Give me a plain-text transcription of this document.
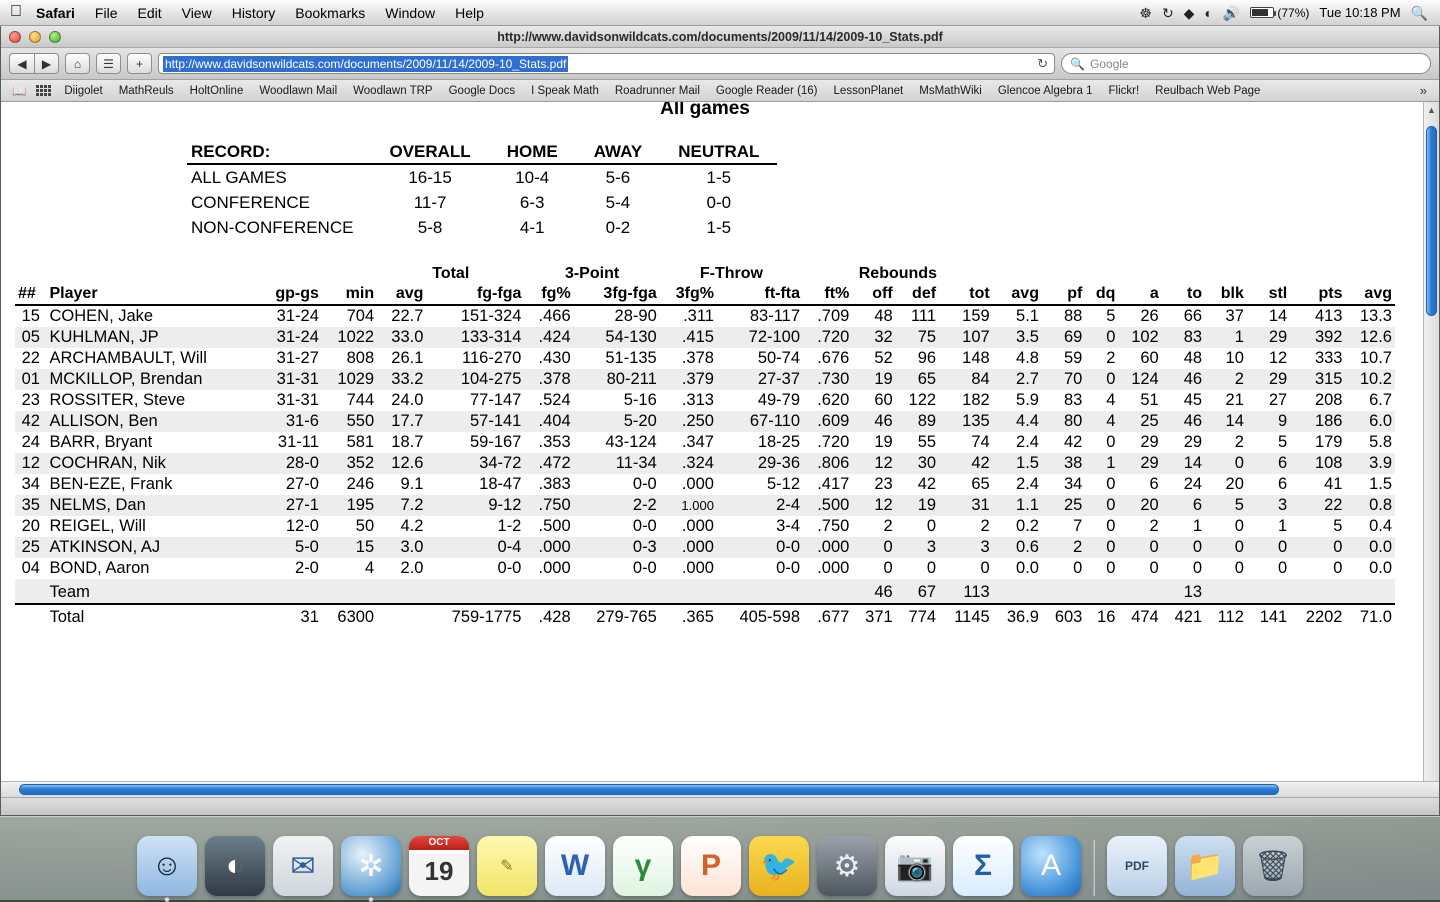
Safari	File	Edit	View	History	Bookmarks	Window	Help	☸ ↻ ◆ ◐ 🔊	(77%) Tue 10:18 PM 🔍
http://www.davidsonwildcats.com/documents/2009/11/14/2009-10_Stats.pdf
◀	▶	⌂	☰	+	http://www.davidsonwildcats.com/documents/2009/11/14/2009-10_Stats.pdf	↻ 🔍 Google
📖	Diigolet	MathReuls	HoltOnline	Woodlawn Mail	Woodlawn TRP	Google Docs	I Speak Math	Roadrunner Mail	Google Reader (16)	LessonPlanet	MsMathWiki	Glencoe Algebra 1	Flickr!	Reulbach Web Page	»
All games
RECORD:	OVERALL	HOME	AWAY	NEUTRAL
ALL GAMES	16-15	10-4	5-6	1-5
CONFERENCE	11-7	6-3	5-4	0-0
NON-CONFERENCE	5-8	4-1	0-2	1-5
				Total		3-Point		F-Throw		Rebounds												
##	Player	gp-gs	min	avg	fg-fga	fg%	3fg-fga	3fg%	ft-fta	ft%	off	def	tot	avg	pf	dq	a	to	blk	stl	pts	avg
15	COHEN, Jake	31-24	704	22.7	151-324	.466	28-90	.311	83-117	.709	48	111	159	5.1	88	5	26	66	37	14	413	13.3
05	KUHLMAN, JP	31-24	1022	33.0	133-314	.424	54-130	.415	72-100	.720	32	75	107	3.5	69	0	102	83	1	29	392	12.6
22	ARCHAMBAULT, Will	31-27	808	26.1	116-270	.430	51-135	.378	50-74	.676	52	96	148	4.8	59	2	60	48	10	12	333	10.7
01	MCKILLOP, Brendan	31-31	1029	33.2	104-275	.378	80-211	.379	27-37	.730	19	65	84	2.7	70	0	124	46	2	29	315	10.2
23	ROSSITER, Steve	31-31	744	24.0	77-147	.524	5-16	.313	49-79	.620	60	122	182	5.9	83	4	51	45	21	27	208	6.7
42	ALLISON, Ben	31-6	550	17.7	57-141	.404	5-20	.250	67-110	.609	46	89	135	4.4	80	4	25	46	14	9	186	6.0
24	BARR, Bryant	31-11	581	18.7	59-167	.353	43-124	.347	18-25	.720	19	55	74	2.4	42	0	29	29	2	5	179	5.8
12	COCHRAN, Nik	28-0	352	12.6	34-72	.472	11-34	.324	29-36	.806	12	30	42	1.5	38	1	29	14	0	6	108	3.9
34	BEN-EZE, Frank	27-0	246	9.1	18-47	.383	0-0	.000	5-12	.417	23	42	65	2.4	34	0	6	24	20	6	41	1.5
35	NELMS, Dan	27-1	195	7.2	9-12	.750	2-2	1.000	2-4	.500	12	19	31	1.1	25	0	20	6	5	3	22	0.8
20	REIGEL, Will	12-0	50	4.2	1-2	.500	0-0	.000	3-4	.750	2	0	2	0.2	7	0	2	1	0	1	5	0.4
25	ATKINSON, AJ	5-0	15	3.0	0-4	.000	0-3	.000	0-0	.000	0	3	3	0.6	2	0	0	0	0	0	0	0.0
04	BOND, Aaron	2-0	4	2.0	0-0	.000	0-0	.000	0-0	.000	0	0	0	0.0	0	0	0	0	0	0	0	0.0
	Team										46	67	113					13				
	Total	31	6300		759-1775	.428	279-765	.365	405-598	.677	371	774	1145	36.9	603	16	474	421	112	141	2202	71.0
▲
☺	◐	✉	✲
OCT
19	✎	W	γ	P	🐦	⚙	📷	Σ	A	PDF	📁	🗑
